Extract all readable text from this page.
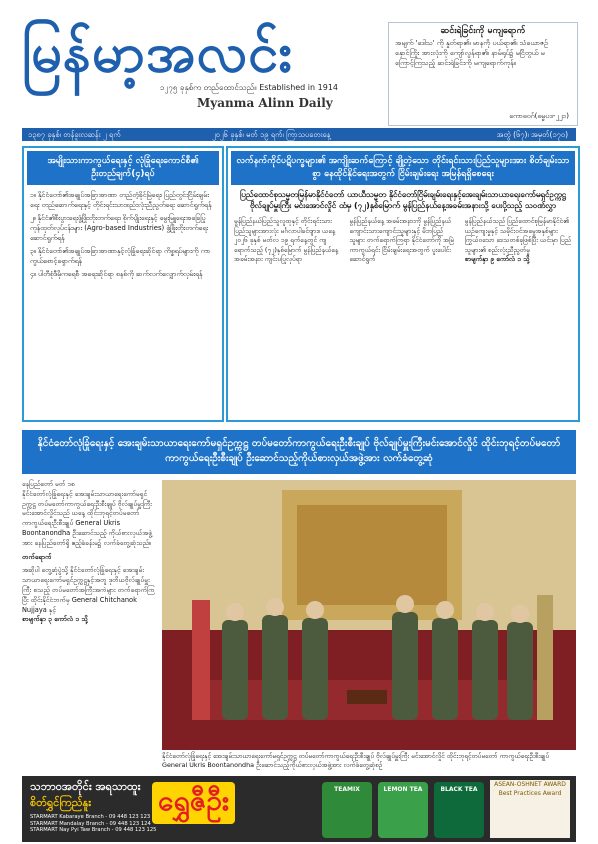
မြန်မာ့အလင်း
၁၂၇၅ ခုနှစ်က တည်ထောင်သည်။ Established in 1914
Myanma Alinn Daily
ဆင်းရဲခြင်းကို မကျရောက်
အမျက် 'ဒေါသ' ကို နှုတ်ရာ၏၊ မာနကို ပယ်ရာ၏၊ သံယောဇဉ်နှောင်ကြိုး အားလုံးကို ကျော်လွန်ရာ၏၊ နာမ်ရုပ်၌ မငြိတွယ် မကြောင့်ကြသည့် ဆင်းရဲခြင်းကို မကျရောက်ကုန်။
ကောဓဝဂ်(ဓမ္မပဒ-၂၂၁)
၁၃၈၇ ခုနှစ်၊ တန်ခူးလဆန်း ၂ ရက်	၂၀၂၆ ခုနှစ်၊ မတ် ၁၉ ရက်၊ ကြာသပတေးနေ့	အတွဲ (၆၇)၊ အမှတ်(၁၇၀)
အမျိုးသားကာကွယ်ရေးနှင့် လုံခြုံရေးကောင်စီ၏ ဦးတည်ချက်(၄)ရပ်

၁။ နိုင်ငံတော်၏အချုပ်အခြာအာဏာ တည်တံ့ခိုင်မြဲရေး၊ ပြည်တွင်းငြိမ်းချမ်းရေး တည်ဆောက်ရေးနှင့် တိုင်းရင်းသားစည်းလုံးညီညွတ်ရေး ဆောင်ရွက်ရန်

၂။ နိုင်ငံ၏စီးပွားရေးဖွံ့ဖြိုးတိုးတက်ရေး၊ စိုက်ပျိုးရေးနှင့် မွေးမြူရေးအခြေပြု ကုန်ထုတ်လုပ်ငန်းများ (Agro-based Industries) ဖွံ့ဖြိုးတိုးတက်ရေး ဆောင်ရွက်ရန်

၃။ နိုင်ငံတော်၏အချုပ်အခြာအာဏာနှင့်လုံခြုံရေးဆိုင်ရာ ကိစ္စရပ်များကို ကာကွယ်စောင့်ရှောက်ရန်

၄။ ပါတီစုံဒီမိုကရေစီ အရေးဆိုင်ရာ စနစ်ကို ဆက်လက်လျှောက်လှမ်းရန်

လက်နက်ကိုင်ပဋိပက္ခများ၏ အကျိုးဆက်ကြောင့် ချို့တဲ့သော တိုင်းရင်းသားပြည်သူများအား စိတ်ချမ်းသာစွာ နေထိုင်နိုင်ရေးအတွက် ငြိမ်းချမ်းရေး အမြန်ရရှိစေရေး
ပြည်ထောင်စုသမ္မတမြန်မာနိုင်ငံတော် ယာယီသမ္မတ နိုင်ငံတော်ငြိမ်းချမ်းရေးနှင့်အေးချမ်းသာယာရေးကော်မရှင်ဥက္ကဋ္ဌ ဗိုလ်ချုပ်မှူးကြီး မင်းအောင်လှိုင် ထံမှ (၇၂)နှစ်မြောက် မွန်ပြည်နယ်နေ့အခမ်းအနားသို့ ပေးပို့သည့် သဝဏ်လွှာ
မွန်ပြည်နယ်ပြည်သူလူထုနှင့် တိုင်းရင်းသားပြည်သူများအားလုံး မင်္ဂလာပါခင်ဗျား။ ယနေ့ ၂၀၂၆ ခုနှစ် မတ်လ ၁၉ ရက်နေ့တွင် ကျရောက်သည့် (၇၂)နှစ်မြောက် မွန်ပြည်နယ်နေ့ အခမ်းအနား ကျင်းပပြုလုပ်ရာ
မွန်ပြည်နယ်နေ့ အခမ်းအနားကို မွန်ပြည်နယ် ကျောင်းသားကျောင်းသူများနှင့် မိဘပြည်သူများ တက်ရောက်ကြရာ နိုင်ငံတော်ကို အမြဲကာကွယ်ရင်း ငြိမ်းချမ်းရေးအတွက် ပူးပေါင်းဆောင်ရွက်
မွန်ပြည်နယ်သည် ပြည်ထောင်စုမြန်မာနိုင်ငံ၏ ယဉ်ကျေးမှုနှင့် သမိုင်းဝင်အမွေအနှစ်များ ကြွယ်ဝသော ဒေသတစ်ခုဖြစ်ပြီး ယင်းမှာ ပြည်သူများ၏ စည်းလုံးညီညွတ်မှု
စာမျက်နှာ ၉ ကော်လံ ၁ သို့
နိုင်ငံတော်လုံခြုံရေးနှင့် အေးချမ်းသာယာရေးကော်မရှင်ဥက္ကဋ္ဌ တပ်မတော်ကာကွယ်ရေးဦးစီးချုပ် ဗိုလ်ချုပ်မှူးကြီးမင်းအောင်လှိုင် ထိုင်းဘုရင့်တပ်မတော်ကာကွယ်ရေးဦးစီးချုပ် ဦးဆောင်သည့်ကိုယ်စားလှယ်အဖွဲ့အား လက်ခံတွေ့ဆုံ
နေပြည်တော် မတ် ၁၈
နိုင်ငံတော်လုံခြုံရေးနှင့် အေးချမ်းသာယာရေးကော်မရှင်ဥက္ကဋ္ဌ တပ်မတော်ကာကွယ်ရေးဦးစီးချုပ် ဗိုလ်ချုပ်မှူးကြီး မင်းအောင်လှိုင်သည် ယနေ့ ထိုင်းဘုရင့်တပ်မတော် ကာကွယ်ရေးဦးစီးချုပ် General Ukris Boontanondha ဦးဆောင်သည့် ကိုယ်စားလှယ်အဖွဲ့အား နေပြည်တော်ရှိ ဧည့်ခံခန်းမ၌ လက်ခံတွေ့ဆုံသည်။
တက်ရောက်
အဆိုပါ တွေ့ဆုံပွဲသို့ နိုင်ငံတော်လုံခြုံရေးနှင့် အေးချမ်းသာယာရေးကော်မရှင်ဥက္ကဋ္ဌနှင့်အတူ ဒုတိယဗိုလ်ချုပ်မှူးကြီး စသည့် တပ်မတော်အကြီးအကဲများ တက်ရောက်ကြပြီး ထိုင်းနိုင်ငံဘက်မှ General Chitchanok Nujjaya နှင့်
စာမျက်နှာ ၃ ကော်လံ ၁ သို့
နိုင်ငံတော်လုံခြုံရေးနှင့် အေးချမ်းသာယာရေးကော်မရှင်ဥက္ကဋ္ဌ တပ်မတော်ကာကွယ်ရေးဦးစီးချုပ် ဗိုလ်ချုပ်မှူးကြီး မင်းအောင်လှိုင် ထိုင်းဘုရင့်တပ်မတော် ကာကွယ်ရေးဦးစီးချုပ် General Ukris Boontanondha ဦးဆောင်သည့်ကိုယ်စားလှယ်အဖွဲ့အား လက်ခံတွေ့ဆုံစဉ်
သဘာဝအတိုင်း အရသာထူး
စိတ်ရွှင်ကြည်နူး ရွှေဇီဦး
STARMART Kabaraye Branch - 09 448 123 123
STARMART Mandalay Branch - 09 448 123 124
STARMART Nay Pyi Taw Branch - 09 448 123 125
TEAMIX	LEMON TEA	BLACK TEA
ASEAN-OSHNET AWARD Best Practices Award
